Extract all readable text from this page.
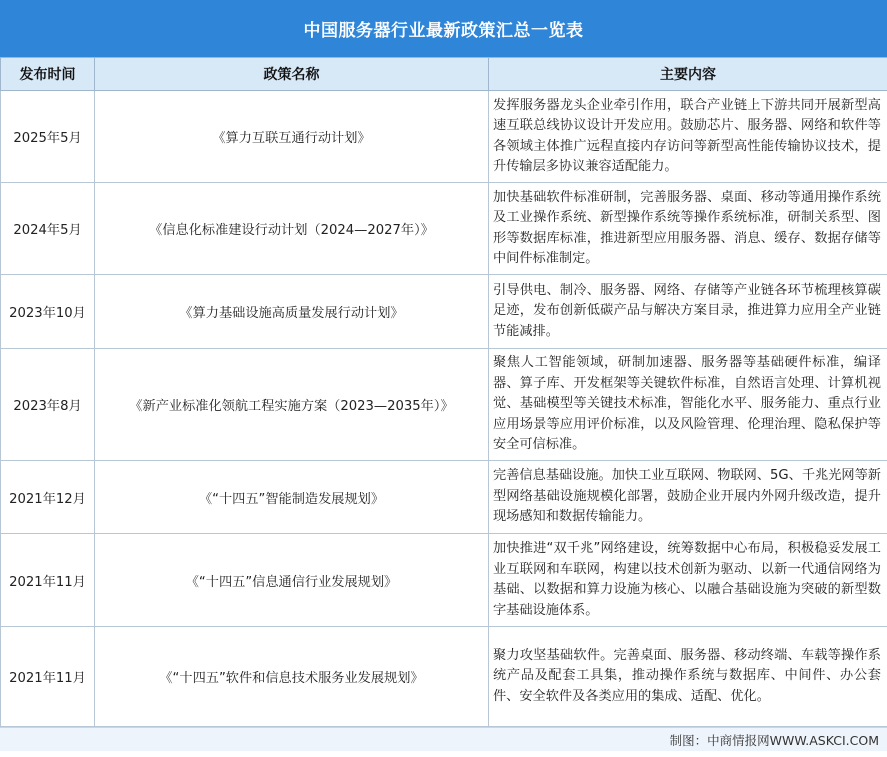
中国服务器行业最新政策汇总一览表
发布时间	政策名称	主要内容
2025年5月	《算力互联互通行动计划》	发挥服务器龙头企业牵引作用，联合产业链上下游共同开展新型高速互联总线协议设计开发应用。鼓励芯片、服务器、网络和软件等各领域主体推广远程直接内存访问等新型高性能传输协议技术，提升传输层多协议兼容适配能力。
2024年5月	《信息化标准建设行动计划（2024—2027年）》	加快基础软件标准研制，完善服务器、桌面、移动等通用操作系统及工业操作系统、新型操作系统等操作系统标准，研制关系型、图形等数据库标准，推进新型应用服务器、消息、缓存、数据存储等中间件标准制定。
2023年10月	《算力基础设施高质量发展行动计划》	引导供电、制冷、服务器、网络、存储等产业链各环节梳理核算碳足迹，发布创新低碳产品与解决方案目录，推进算力应用全产业链节能减排。
2023年8月	《新产业标准化领航工程实施方案（2023—2035年）》	聚焦人工智能领域，研制加速器、服务器等基础硬件标准，编译器、算子库、开发框架等关键软件标准，自然语言处理、计算机视觉、基础模型等关键技术标准，智能化水平、服务能力、重点行业应用场景等应用评价标准，以及风险管理、伦理治理、隐私保护等安全可信标准。
2021年12月	《“十四五”智能制造发展规划》	完善信息基础设施。加快工业互联网、物联网、5G、千兆光网等新型网络基础设施规模化部署，鼓励企业开展内外网升级改造，提升现场感知和数据传输能力。
2021年11月	《“十四五”信息通信行业发展规划》	加快推进“双千兆”网络建设，统筹数据中心布局，积极稳妥发展工业互联网和车联网，构建以技术创新为驱动、以新一代通信网络为基础、以数据和算力设施为核心、以融合基础设施为突破的新型数字基础设施体系。
2021年11月	《“十四五”软件和信息技术服务业发展规划》	聚力攻坚基础软件。完善桌面、服务器、移动终端、车载等操作系统产品及配套工具集，推动操作系统与数据库、中间件、办公套件、安全软件及各类应用的集成、适配、优化。
制图：中商情报网WWW.ASKCI.COM
